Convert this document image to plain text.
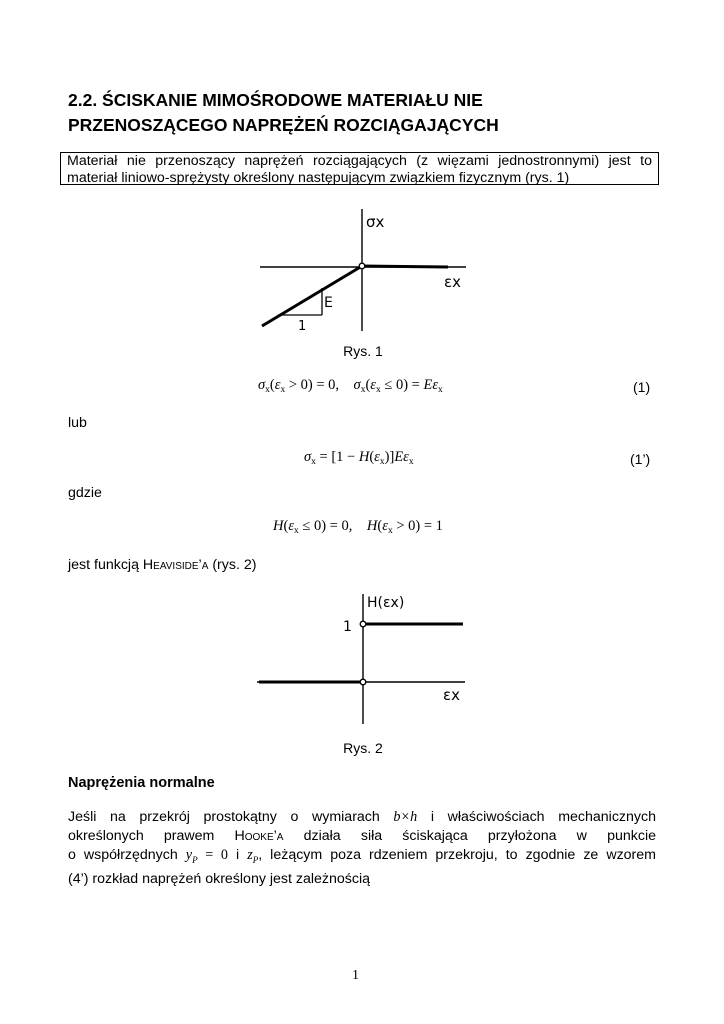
2.2. ŚCISKANIE MIMOŚRODOWE MATERIAŁU NIE
PRZENOSZĄCEGO NAPRĘŻEŃ ROZCIĄGAJĄCYCH
Materiał nie przenoszący naprężeń rozciągających (z więzami jednostronnymi) jest to
materiał liniowo-sprężysty określony następującym związkiem fizycznym (rys. 1)
σx
εx
E
1
Rys. 1
$\sigma_x(\varepsilon_x > 0) = 0$, $\sigma_x(\varepsilon_x \le 0) = E\varepsilon_x$	(1)
lub
$\sigma_x = [1 - H(\varepsilon_x)]E\varepsilon_x$	(1’)
gdzie
$H(\varepsilon_x \le 0) = 0$, $H(\varepsilon_x > 0) = 1$
jest funkcją Heaviside’a (rys. 2)
H(εx)
1
εx
Rys. 2
Naprężenia normalne
Jeśli na przekrój prostokątny o wymiarach b×h i właściwościach mechanicznych
określonych prawem Hooke’a działa siła ściskająca przyłożona w punkcie
o współrzędnych $y_P = 0$ i $z_P$, leżącym poza rdzeniem przekroju, to zgodnie ze wzorem
(4’) rozkład naprężeń określony jest zależnością
1
